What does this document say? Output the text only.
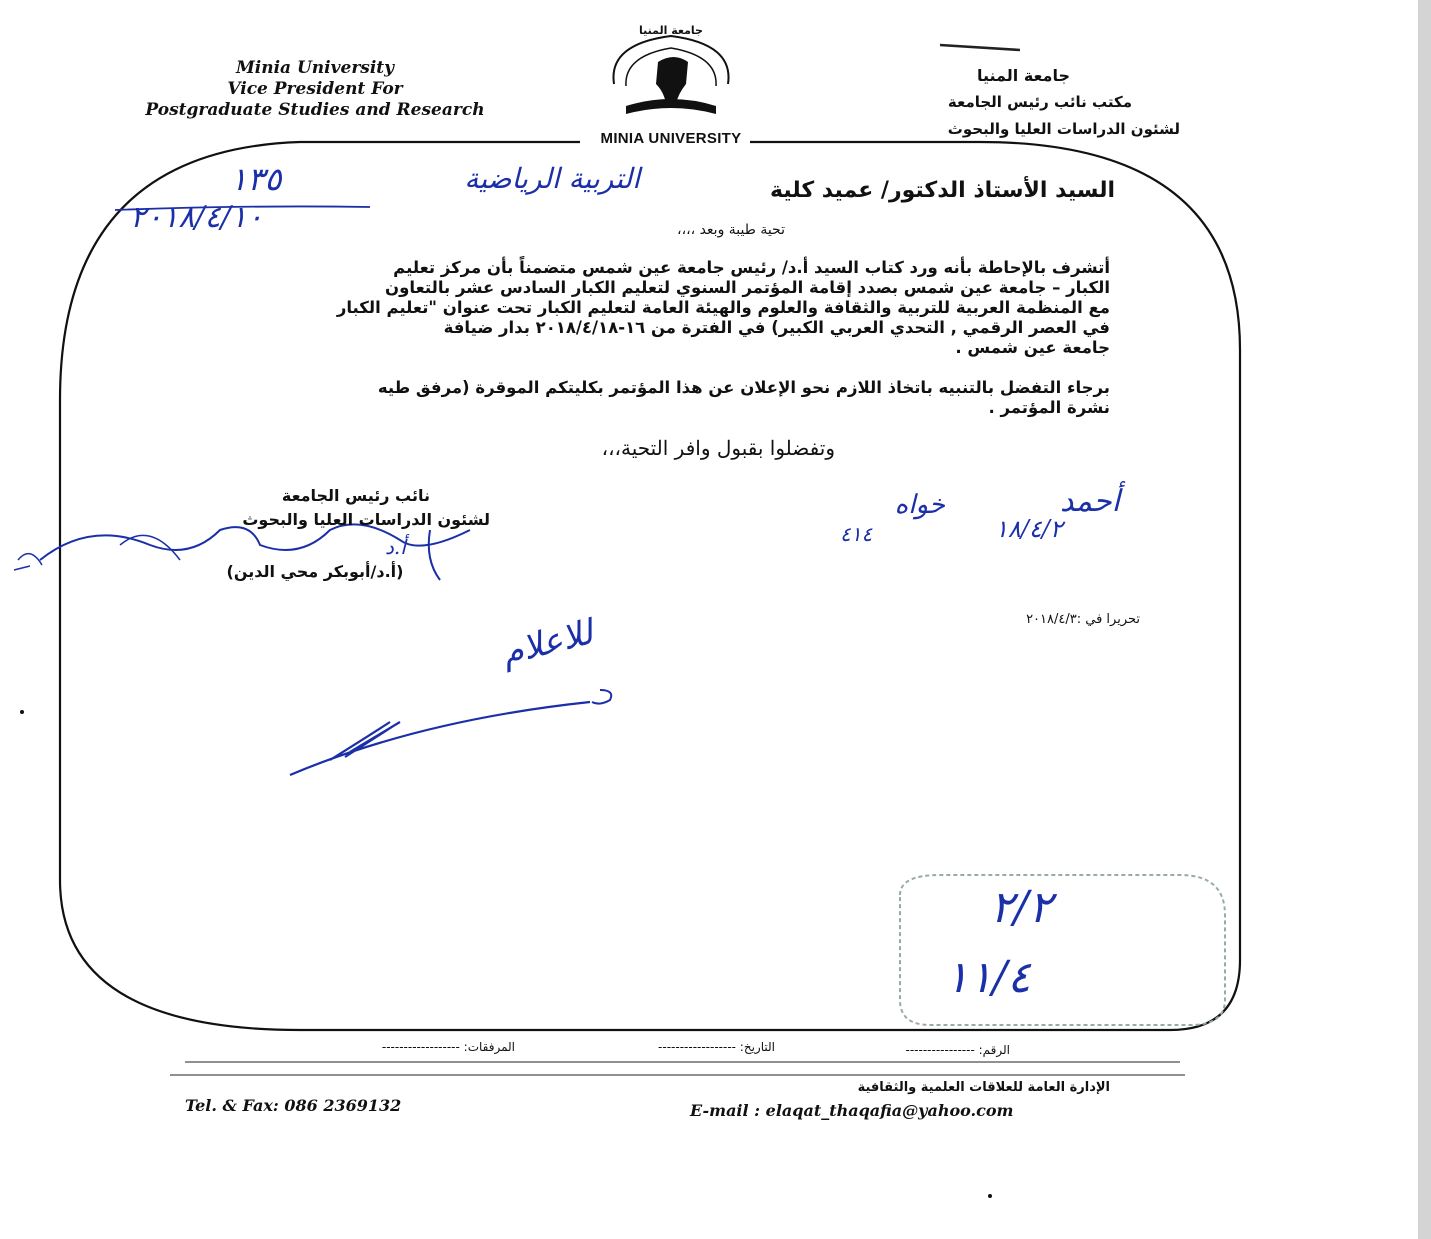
Minia University
Vice President For
Postgraduate Studies and Research
جامعة المنيا
MINIA UNIVERSITY
جامعة المنيا
مكتب نائب رئيس الجامعة
لشئون الدراسات العليا والبحوث
السيد الأستاذ الدكتور/ عميد كلية
التربية الرياضية
١٣٥
٢٠١٨/٤/١٠	تحية طيبة وبعد ،،،،
أتشرف بالإحاطة بأنه ورد كتاب السيد أ.د/ رئيس جامعة عين شمس متضمناً بأن مركز تعليم
الكبار – جامعة عين شمس بصدد إقامة المؤتمر السنوي لتعليم الكبار السادس عشر بالتعاون
مع المنظمة العربية للتربية والثقافة والعلوم والهيئة العامة لتعليم الكبار تحت عنوان "تعليم الكبار
في العصر الرقمي , التحدي العربي الكبير) في الفترة من ١٦-٢٠١٨/٤/١٨ بدار ضيافة
جامعة عين شمس .
برجاء التفضل بالتنبيه باتخاذ اللازم نحو الإعلان عن هذا المؤتمر بكليتكم الموقرة (مرفق طيه
نشرة المؤتمر .
وتفضلوا بقبول وافر التحية،،،
نائب رئيس الجامعة
لشئون الدراسات العليا والبحوث
(أ.د/أبوبكر محي الدين)
أ.د
خواه
٤١٤
أحمد
١٨/٤/٢
تحريرا في :٢٠١٨/٤/٣
للاعلام
٢/٢
١١/٤
الرقم: ----------------
التاريخ: ------------------
المرفقات: ------------------
الإدارة العامة للعلاقات العلمية والثقافية
E-mail : elaqat_thaqafia@yahoo.com
Tel. & Fax: 086 2369132
